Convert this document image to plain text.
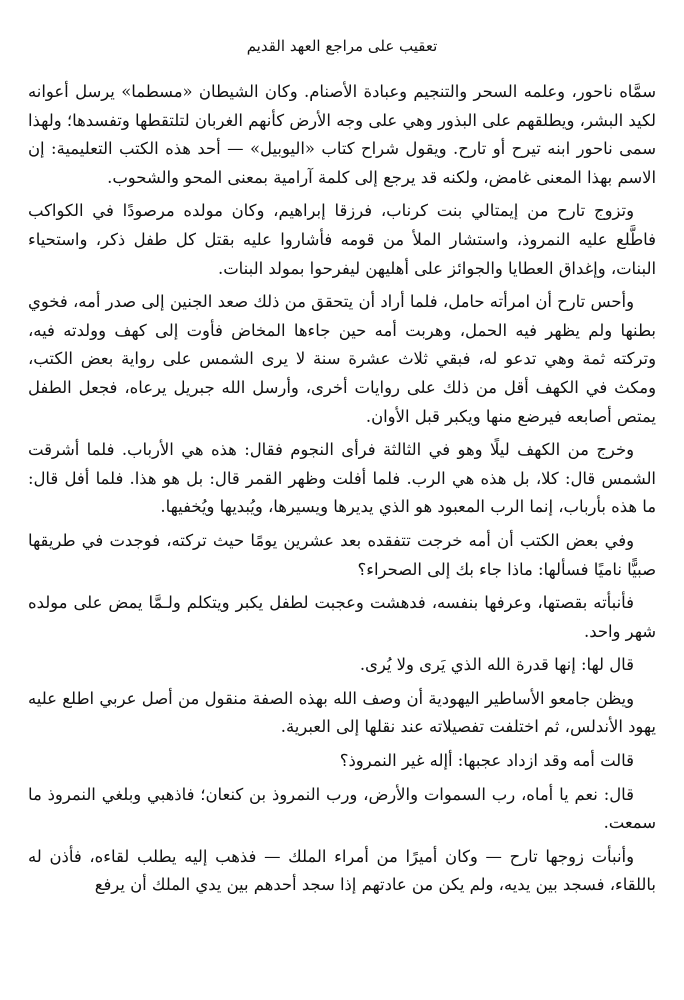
تعقيب على مراجع العهد القديم

سمَّاه ناحور، وعلمه السحر والتنجيم وعبادة الأصنام. وكان الشيطان «مسطما» يرسل أعوانه لكيد البشر، ويطلقهم على البذور وهي على وجه الأرض كأنهم الغربان لتلتقطها وتفسدها؛ ولهذا سمى ناحور ابنه تيرح أو تارح. ويقول شراح كتاب «اليوبيل» — أحد هذه الكتب التعليمية: إن الاسم بهذا المعنى غامض، ولكنه قد يرجع إلى كلمة آرامية بمعنى المحو والشحوب.

وتزوج تارح من إيمتالي بنت كرناب، فرزقا إبراهيم، وكان مولده مرصودًا في الكواكب فاطَّلع عليه النمروذ، واستشار الملأ من قومه فأشاروا عليه بقتل كل طفل ذكر، واستحياء البنات، وإغداق العطايا والجوائز على أهليهن ليفرحوا بمولد البنات.

وأحس تارح أن امرأته حامل، فلما أراد أن يتحقق من ذلك صعد الجنين إلى صدر أمه، فخوي بطنها ولم يظهر فيه الحمل، وهربت أمه حين جاءها المخاض فأوت إلى كهف وولدته فيه، وتركته ثمة وهي تدعو له، فبقي ثلاث عشرة سنة لا يرى الشمس على رواية بعض الكتب، ومكث في الكهف أقل من ذلك على روايات أخرى، وأرسل الله جبريل يرعاه، فجعل الطفل يمتص أصابعه فيرضع منها ويكبر قبل الأوان.

وخرج من الكهف ليلًا وهو في الثالثة فرأى النجوم فقال: هذه هي الأرباب. فلما أشرقت الشمس قال: كلا، بل هذه هي الرب. فلما أفلت وظهر القمر قال: بل هو هذا. فلما أفل قال: ما هذه بأرباب، إنما الرب المعبود هو الذي يديرها ويسيرها، ويُبديها ويُخفيها.

وفي بعض الكتب أن أمه خرجت تتفقده بعد عشرين يومًا حيث تركته، فوجدت في طريقها صبيًّا ناميًا فسألها: ماذا جاء بك إلى الصحراء؟

فأنبأته بقصتها، وعرفها بنفسه، فدهشت وعجبت لطفل يكبر ويتكلم ولـمَّا يمض على مولده شهر واحد.

قال لها: إنها قدرة الله الذي يَرى ولا يُرى.

ويظن جامعو الأساطير اليهودية أن وصف الله بهذه الصفة منقول من أصل عربي اطلع عليه يهود الأندلس، ثم اختلفت تفصيلاته عند نقلها إلى العبرية.

قالت أمه وقد ازداد عجبها: أإله غير النمروذ؟

قال: نعم يا أماه، رب السموات والأرض، ورب النمروذ بن كنعان؛ فاذهبي وبلغي النمروذ ما سمعت.

وأنبأت زوجها تارح — وكان أميرًا من أمراء الملك — فذهب إليه يطلب لقاءه، فأذن له باللقاء، فسجد بين يديه، ولم يكن من عادتهم إذا سجد أحدهم بين يدي الملك أن يرفع
